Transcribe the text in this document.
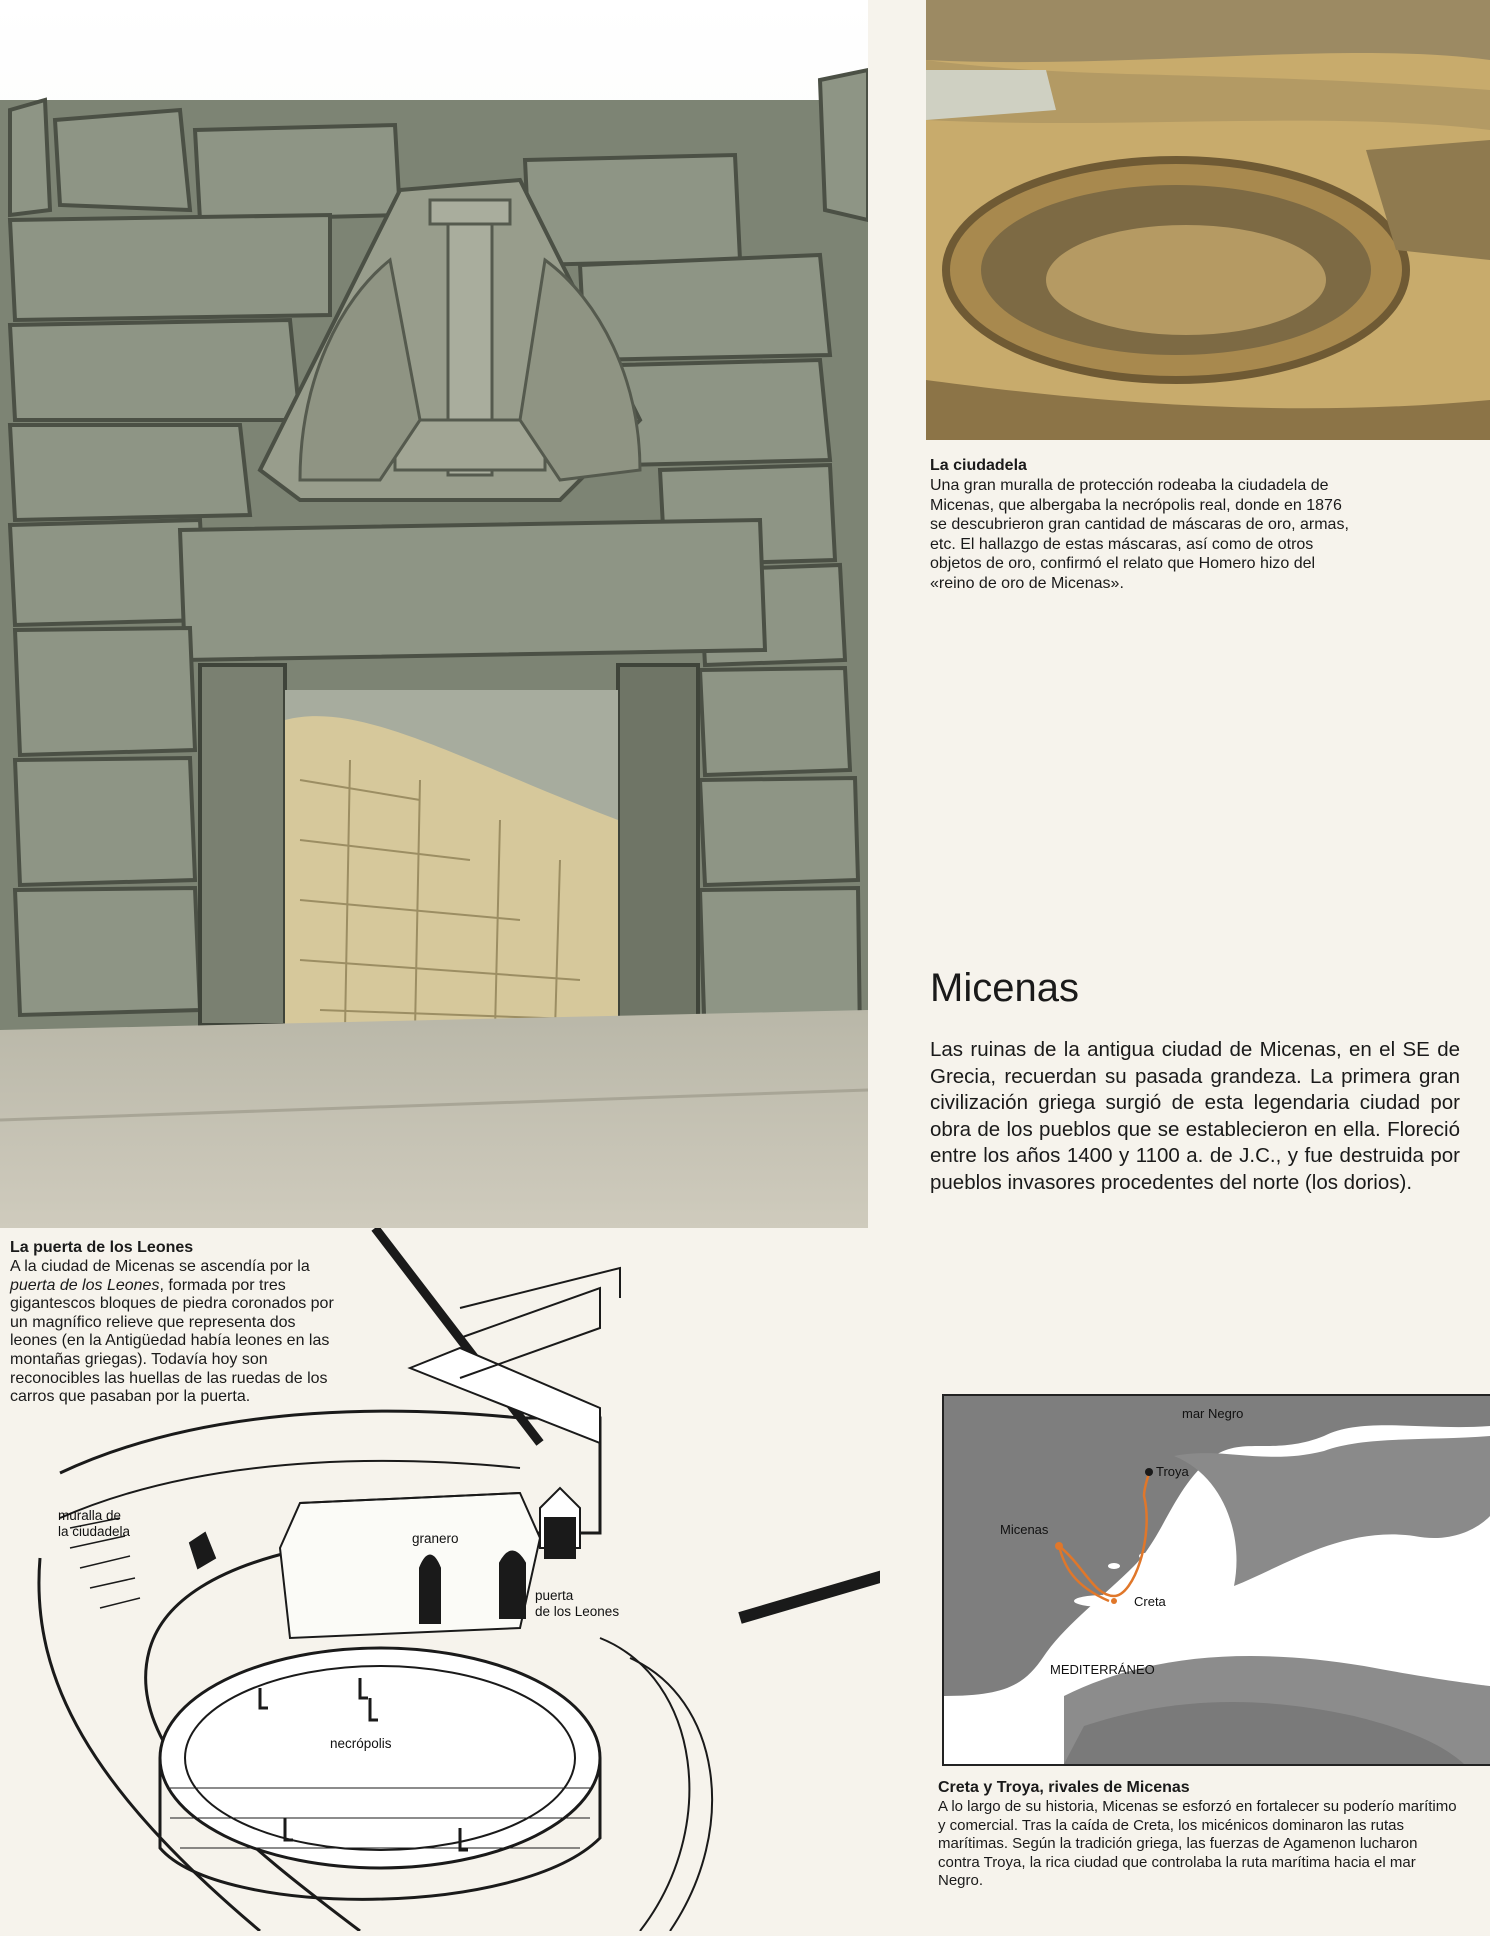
La ciudadela
Una gran muralla de protección rodeaba la ciudadela de Micenas, que albergaba la necrópolis real, donde en 1876 se descubrieron gran cantidad de máscaras de oro, armas, etc. El hallazgo de estas máscaras, así como de otros objetos de oro, confirmó el relato que Homero hizo del «reino de oro de Micenas».
Micenas
Las ruinas de la antigua ciudad de Micenas, en el SE de Grecia, recuerdan su pasada grandeza. La primera gran civilización griega surgió de esta legendaria ciudad por obra de los pueblos que se establecieron en ella. Floreció entre los años 1400 y 1100 a. de J.C., y fue destruida por pueblos invasores procedentes del norte (los dorios).
La puerta de los Leones
A la ciudad de Micenas se ascendía por la puerta de los Leones, formada por tres gigantescos bloques de piedra coronados por un magnífico relieve que representa dos leones (en la Antigüedad había leones en las montañas griegas). Todavía hoy son reconocibles las huellas de las ruedas de los carros que pasaban por la puerta.
muralla de
la ciudadela	granero
puerta
de los Leones
necrópolis
mar Negro
Troya
Micenas
Creta
MEDITERRÁNEO
Creta y Troya, rivales de Micenas
A lo largo de su historia, Micenas se esforzó en fortalecer su poderío marítimo y comercial. Tras la caída de Creta, los micénicos dominaron las rutas marítimas. Según la tradición griega, las fuerzas de Agamenon lucharon contra Troya, la rica ciudad que controlaba la ruta marítima hacia el mar Negro.
